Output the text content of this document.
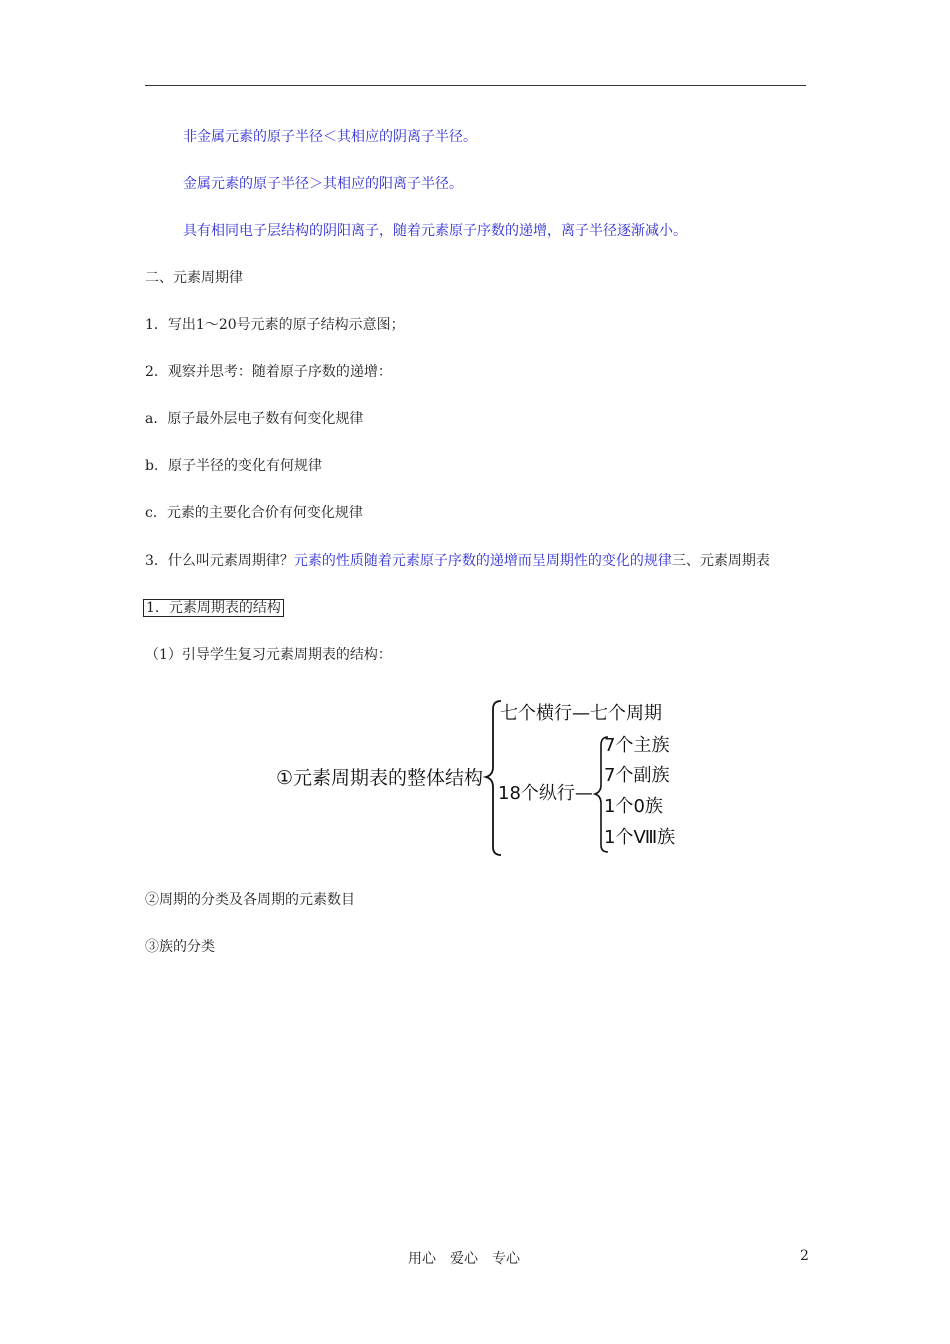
非金属元素的原子半径＜其相应的阴离子半径。
金属元素的原子半径＞其相应的阳离子半径。
具有相同电子层结构的阴阳离子，随着元素原子序数的递增，离子半径逐渐减小。
二、元素周期律
1．写出1～20号元素的原子结构示意图；
2．观察并思考：随着原子序数的递增：
a．原子最外层电子数有何变化规律
b．原子半径的变化有何规律
c．元素的主要化合价有何变化规律
3．什么叫元素周期律？元素的性质随着元素原子序数的递增而呈周期性的变化的规律三、元素周期表
1．元素周期表的结构
（1）引导学生复习元素周期表的结构：
①元素周期表的整体结构
七个横行—七个周期
18个纵行—
7个主族
7个副族
1个0族
1个Ⅷ族
②周期的分类及各周期的元素数目
③族的分类
用心　爱心　专心	2
